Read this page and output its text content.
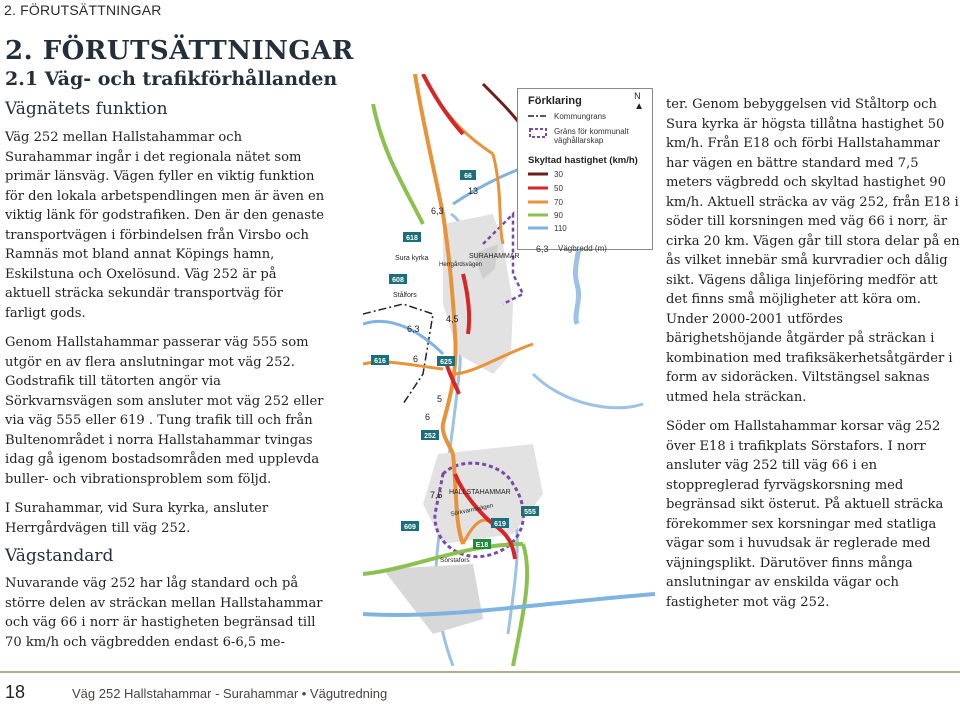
2. FÖRUTSÄTTNINGAR
2. FÖRUTSÄTTNINGAR
2.1 Väg- och trafikförhållanden
Vägnätets funktion

Väg 252 mellan Hallstahammar och Surahammar ingår i det regionala nätet som primär länsväg. Vägen fyller en viktig funktion för den lokala arbetspendlingen men är även en viktig länk för godstrafiken. Den är den genaste transportvägen i förbindelsen från Virsbo och Ramnäs mot bland annat Köpings hamn, Eskilstuna och Oxelösund. Väg 252 är på aktuell sträcka sekundär transportväg för farligt gods.

Genom Hallstahammar passerar väg 555 som utgör en av flera anslutningar mot väg 252. Godstrafik till tätorten angör via Sörkvarnsvägen som ansluter mot väg 252 eller via väg 555 eller 619 . Tung trafik till och från Bultenområdet i norra Hallstahammar tvingas idag gå igenom bostadsområden med upplevda buller- och vibrationsproblem som följd.

I Surahammar, vid Sura kyrka, ansluter Herrgårdvägen till väg 252.

Vägstandard

Nuvarande väg 252 har låg standard och på större delen av sträckan mellan Hallstahammar och väg 66 i norr är hastigheten begränsad till 70 km/h och vägbredden endast 6-6,5 me-

66
618
608
616	625
252
609	619
555
E18
13
6,3
4,5
6,3
6
5
6
7,5
Sura kyrka
Stålfors
SURAHAMMAR
Herrgårdsvägen
HALLSTAHAMMAR
Sörkvarnsvägen
Sörstafors
Förklaring	N
▲
Kommungrans
Gräns för kommunalt väghållarskap
Skyltad hastighet (km/h)
30
50
70
90
110
6,3 Vägbredd (m)

ter. Genom bebyggelsen vid Ståltorp och Sura kyrka är högsta tillåtna hastighet 50 km/h. Från E18 och förbi Hallstahammar har vägen en bättre standard med 7,5 meters vägbredd och skyltad hastighet 90 km/h. Aktuell sträcka av väg 252, från E18 i söder till korsningen med väg 66 i norr, är cirka 20 km. Vägen går till stora delar på en ås vilket innebär små kurvradier och dålig sikt. Vägens dåliga linjeföring medför att det finns små möjligheter att köra om. Under 2000-2001 utfördes bärighetshöjande åtgärder på sträckan i kombination med trafiksäkerhetsåtgärder i form av sidoräcken. Viltstängsel saknas utmed hela sträckan.

Söder om Hallstahammar korsar väg 252 över E18 i trafikplats Sörstafors. I norr ansluter väg 252 till väg 66 i en stoppreglerad fyrvägskorsning med begränsad sikt österut. På aktuell sträcka förekommer sex korsningar med statliga vägar som i huvudsak är reglerade med väjningsplikt. Därutöver finns många anslutningar av enskilda vägar och fastigheter mot väg 252.

18	Väg 252 Hallstahammar - Surahammar • Vägutredning
